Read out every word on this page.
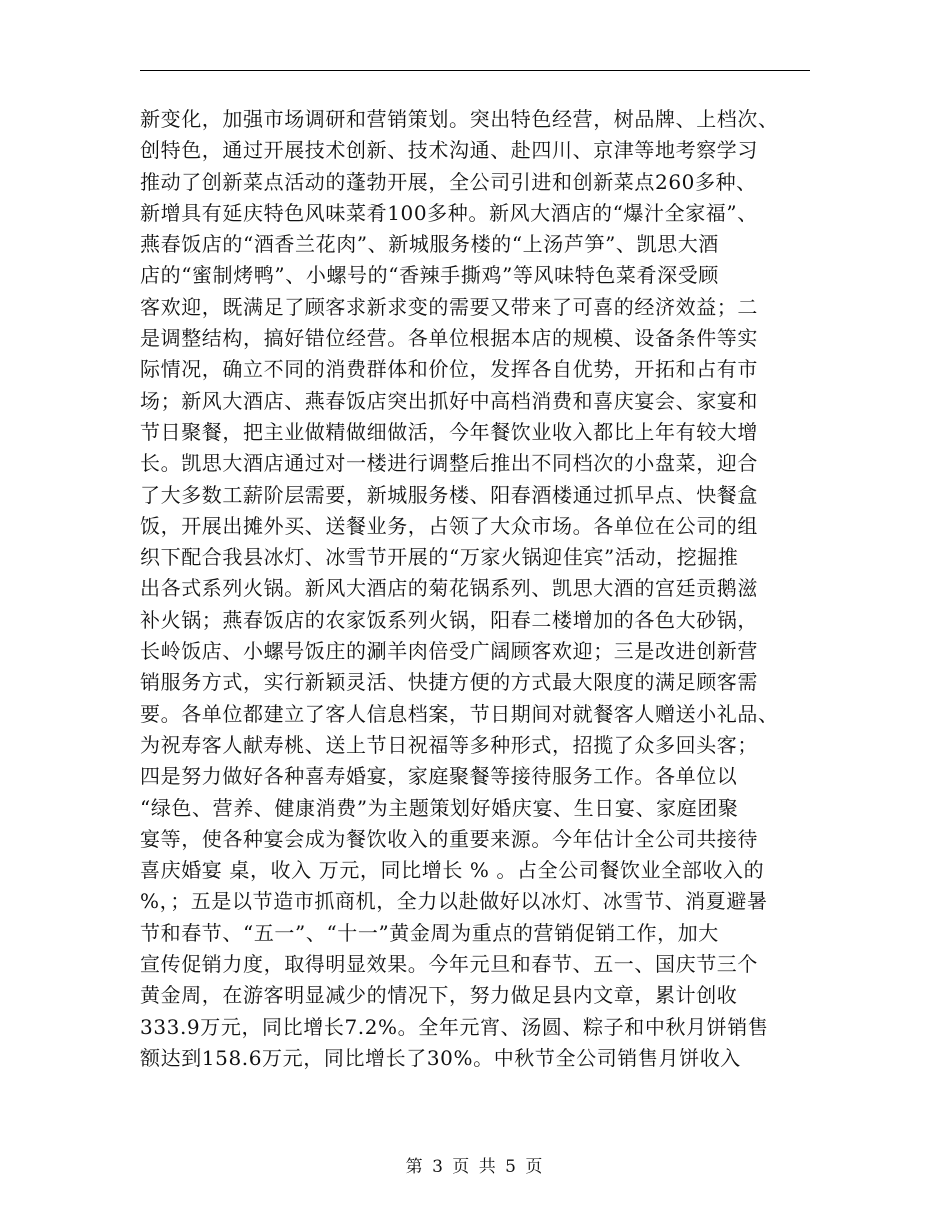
新变化，加强市场调研和营销策划。突出特色经营，树品牌、上档次、
创特色，通过开展技术创新、技术沟通、赴四川、京津等地考察学习
推动了创新菜点活动的蓬勃开展，全公司引进和创新菜点260多种、
新增具有延庆特色风味菜肴100多种。新风大酒店的“爆汁全家福”、
燕春饭店的“酒香兰花肉”、新城服务楼的“上汤芦笋”、凯思大酒
店的“蜜制烤鸭”、小螺号的“香辣手撕鸡”等风味特色菜肴深受顾
客欢迎，既满足了顾客求新求变的需要又带来了可喜的经济效益；二
是调整结构，搞好错位经营。各单位根据本店的规模、设备条件等实
际情况，确立不同的消费群体和价位，发挥各自优势，开拓和占有市
场；新风大酒店、燕春饭店突出抓好中高档消费和喜庆宴会、家宴和
节日聚餐，把主业做精做细做活，今年餐饮业收入都比上年有较大增
长。凯思大酒店通过对一楼进行调整后推出不同档次的小盘菜，迎合
了大多数工薪阶层需要，新城服务楼、阳春酒楼通过抓早点、快餐盒
饭，开展出摊外买、送餐业务，占领了大众市场。各单位在公司的组
织下配合我县冰灯、冰雪节开展的“万家火锅迎佳宾”活动，挖掘推
出各式系列火锅。新风大酒店的菊花锅系列、凯思大酒的宫廷贡鹅滋
补火锅；燕春饭店的农家饭系列火锅，阳春二楼增加的各色大砂锅，
长岭饭店、小螺号饭庄的涮羊肉倍受广阔顾客欢迎；三是改进创新营
销服务方式，实行新颖灵活、快捷方便的方式最大限度的满足顾客需
要。各单位都建立了客人信息档案，节日期间对就餐客人赠送小礼品、
为祝寿客人献寿桃、送上节日祝福等多种形式，招揽了众多回头客；
四是努力做好各种喜寿婚宴，家庭聚餐等接待服务工作。各单位以
“绿色、营养、健康消费”为主题策划好婚庆宴、生日宴、家庭团聚
宴等，使各种宴会成为餐饮收入的重要来源。今年估计全公司共接待
喜庆婚宴 桌，收入 万元，同比增长 % 。占全公司餐饮业全部收入的
%，；五是以节造市抓商机，全力以赴做好以冰灯、冰雪节、消夏避暑
节和春节、“五一”、“十一”黄金周为重点的营销促销工作，加大
宣传促销力度，取得明显效果。今年元旦和春节、五一、国庆节三个
黄金周，在游客明显减少的情况下，努力做足县内文章，累计创收
333.9万元，同比增长7.2%。全年元宵、汤圆、粽子和中秋月饼销售
额达到158.6万元，同比增长了30%。中秋节全公司销售月饼收入
第 3 页 共 5 页
